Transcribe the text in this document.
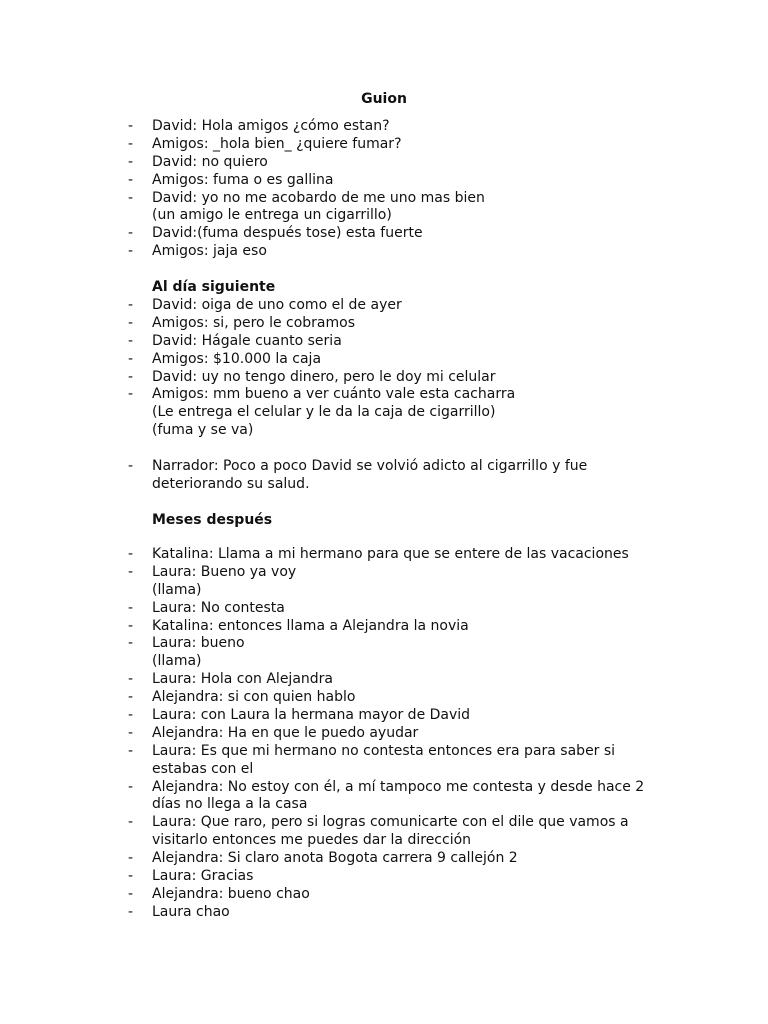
Guion
- David: Hola amigos ¿cómo estan?
- Amigos: _hola bien_ ¿quiere fumar?
- David: no quiero
- Amigos: fuma o es gallina
- David: yo no me acobardo de me uno mas bien
(un amigo le entrega un cigarrillo)
- David:(fuma después tose) esta fuerte
- Amigos: jaja eso
Al día siguiente
- David: oiga de uno como el de ayer
- Amigos: si, pero le cobramos
- David: Hágale cuanto seria
- Amigos: $10.000 la caja
- David: uy no tengo dinero, pero le doy mi celular
- Amigos: mm bueno a ver cuánto vale esta cacharra
(Le entrega el celular y le da la caja de cigarrillo)
(fuma y se va)
- Narrador: Poco a poco David se volvió adicto al cigarrillo y fue
deteriorando su salud.
Meses después
- Katalina: Llama a mi hermano para que se entere de las vacaciones
- Laura: Bueno ya voy
(llama)
- Laura: No contesta
- Katalina: entonces llama a Alejandra la novia
- Laura: bueno
(llama)
- Laura: Hola con Alejandra
- Alejandra: si con quien hablo
- Laura: con Laura la hermana mayor de David
- Alejandra: Ha en que le puedo ayudar
- Laura: Es que mi hermano no contesta entonces era para saber si
estabas con el
- Alejandra: No estoy con él, a mí tampoco me contesta y desde hace 2
días no llega a la casa
- Laura: Que raro, pero si logras comunicarte con el dile que vamos a
visitarlo entonces me puedes dar la dirección
- Alejandra: Si claro anota Bogota carrera 9 callejón 2
- Laura: Gracias
- Alejandra: bueno chao
- Laura chao
